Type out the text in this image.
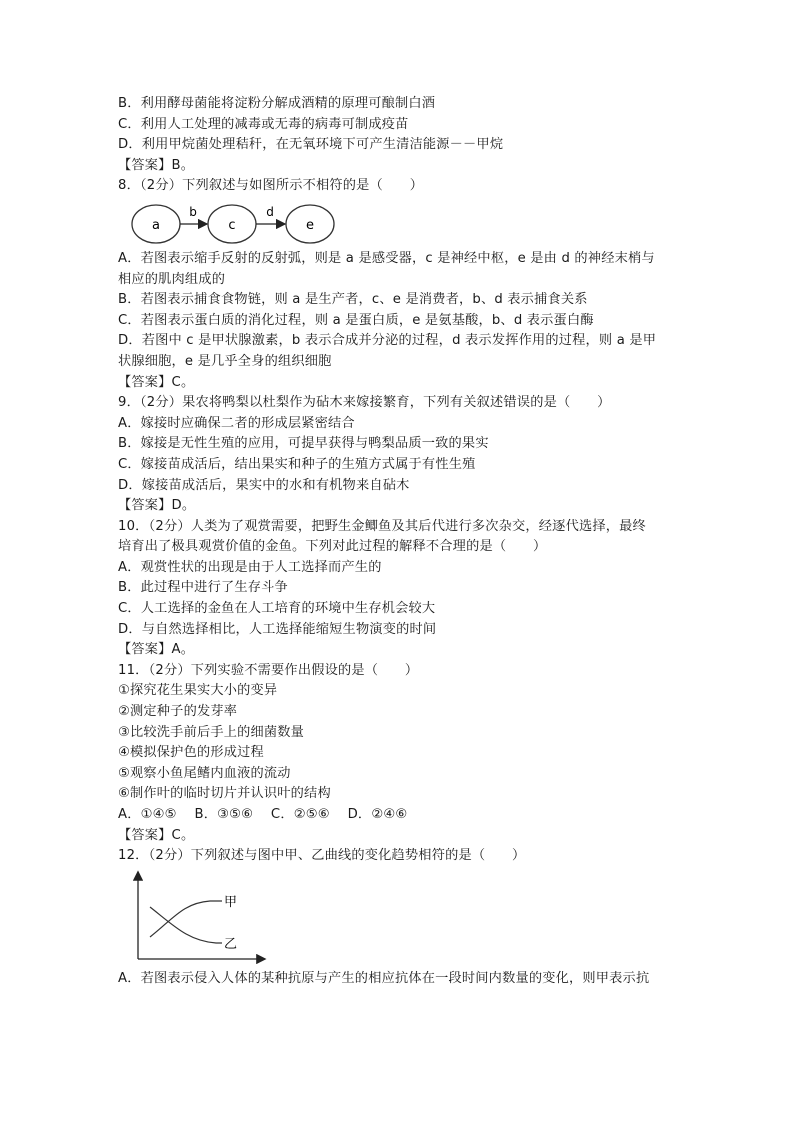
B．利用酵母菌能将淀粉分解成酒精的原理可酿制白酒
C．利用人工处理的减毒或无毒的病毒可制成疫苗
D．利用甲烷菌处理秸秆，在无氧环境下可产生清洁能源－－甲烷
【答案】B。
8．（2分）下列叙述与如图所示不相符的是（　　）
a	c	e
b	d
A．若图表示缩手反射的反射弧，则是 a 是感受器，c 是神经中枢，e 是由 d 的神经末梢与
相应的肌肉组成的
B．若图表示捕食食物链，则 a 是生产者，c、e 是消费者，b、d 表示捕食关系
C．若图表示蛋白质的消化过程，则 a 是蛋白质，e 是氨基酸，b、d 表示蛋白酶
D．若图中 c 是甲状腺激素，b 表示合成并分泌的过程，d 表示发挥作用的过程，则 a 是甲
状腺细胞，e 是几乎全身的组织细胞
【答案】C。
9．（2分）果农将鸭梨以杜梨作为砧木来嫁接繁育，下列有关叙述错误的是（　　）
A．嫁接时应确保二者的形成层紧密结合
B．嫁接是无性生殖的应用，可提早获得与鸭梨品质一致的果实
C．嫁接苗成活后，结出果实和种子的生殖方式属于有性生殖
D．嫁接苗成活后，果实中的水和有机物来自砧木
【答案】D。
10．（2分）人类为了观赏需要，把野生金鲫鱼及其后代进行多次杂交，经逐代选择，最终
培育出了极具观赏价值的金鱼。下列对此过程的解释不合理的是（　　）
A．观赏性状的出现是由于人工选择而产生的
B．此过程中进行了生存斗争
C．人工选择的金鱼在人工培育的环境中生存机会较大
D．与自然选择相比，人工选择能缩短生物演变的时间
【答案】A。
11．（2分）下列实验不需要作出假设的是（　　）
①探究花生果实大小的变异
②测定种子的发芽率
③比较洗手前后手上的细菌数量
④模拟保护色的形成过程
⑤观察小鱼尾鳍内血液的流动
⑥制作叶的临时切片并认识叶的结构
A．①④⑤　 B．③⑤⑥　 C．②⑤⑥　 D．②④⑥
【答案】C。
12．（2分）下列叙述与图中甲、乙曲线的变化趋势相符的是（　　）
甲
乙
A．若图表示侵入人体的某种抗原与产生的相应抗体在一段时间内数量的变化，则甲表示抗
